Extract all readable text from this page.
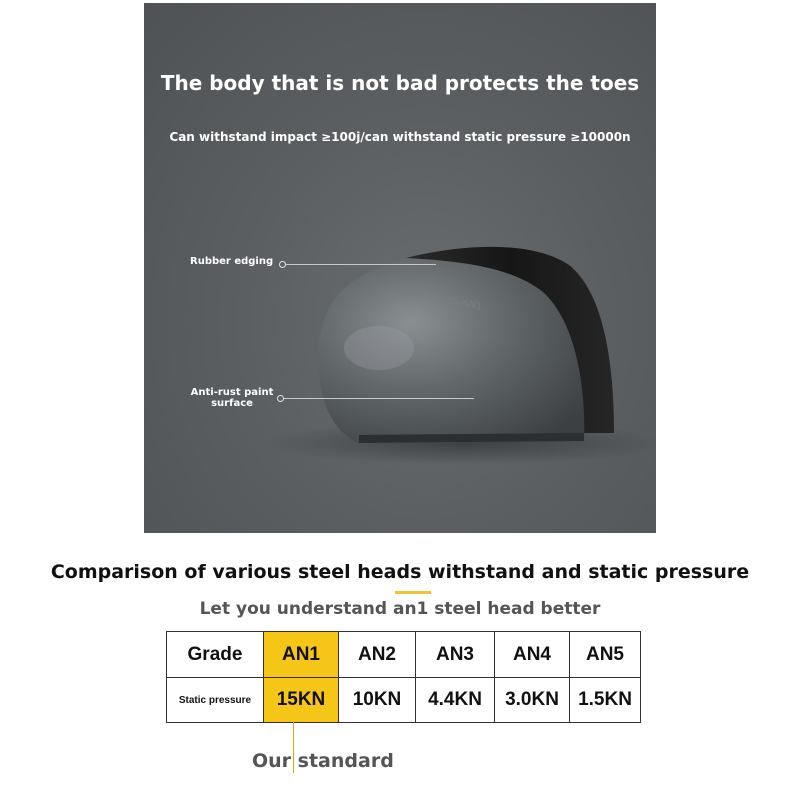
JS-AN1
The body that is not bad protects the toes
Can withstand impact ≥100j/can withstand static pressure ≥10000n
Rubber edging
Anti-rust paint
surface
Comparison of various steel heads withstand and static pressure
Let you understand an1 steel head better
Grade	AN1	AN2	AN3	AN4	AN5
Static pressure	15KN	10KN	4.4KN	3.0KN	1.5KN
Our standard
